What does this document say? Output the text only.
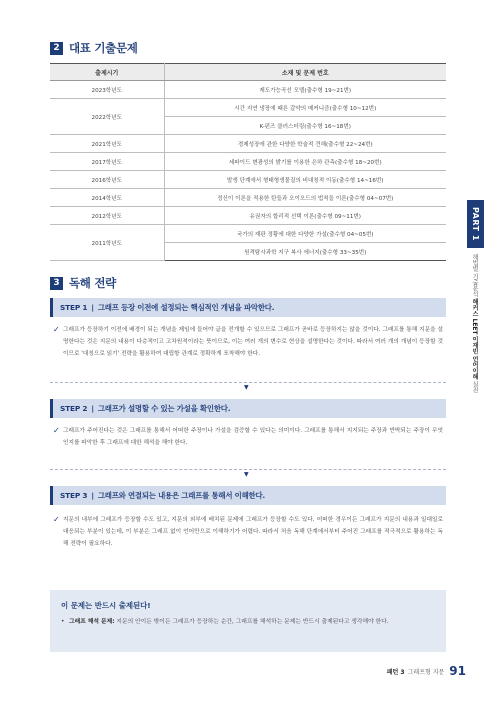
2 대표 기출문제
출제시기	소재 및 문제 번호
2023학년도	제도가능곡선 모델(출수형 19~21번)
2022학년도	시간 지연 냉장에 때른 갈약의 메커니즘(출수형 10~12번)
	K-펀즈 클러스터링(출수형 16~18번)
2021학년도	경제성장에 관한 다양한 학술적 견해(출수형 22~24번)
2017학년도	세파이드 변광성의 밝기를 이용한 은하 관측(출수형 18~20번)
2016학년도	발생 단계에서 형태형생물질의 비대칭적 이동(출수형 14~16번)
2014학년도	정신이 이론을 적용한 탄들과 오이오드의 법칙들 이론(출수형 04~07번)
2012학년도	유권자의 합리적 선택 이론(출수형 09~11번)
2011학년도	국가의 재판 정황에 대한 다양한 가설(출수형 04~05번)
	원격탐사과학 지구 복사 에너지(출수형 33~35번)
3 독해 전략
STEP 1 | 그래프 등장 이전에 설정되는 핵심적인 개념을 파악한다.
✓ 그래프가 등장하기 이전에 배경이 되는 개념을 제임에 들어야 글을 전개할 수 있으므로 그래프가 곧바로 등장하지는 않을 것이다. 그래프를 통해 지문을 설명한다는 것은 지문의 내용이 다층적이고 고차원적이라는 뜻이므로, 이는 여러 개의 변수로 현상을 설명한다는 것이다. 따라서 여러 개의 개념이 등장할 것이므로 '대칭으로 읽기' 전략을 활용하여 대립항 관계로 정확하게 포착해야 한다.
▼
STEP 2 | 그래프가 설명할 수 있는 가설을 확인한다.
✓ 그래프가 주어진다는 것은 그래프를 통해서 어떠한 주장이나 가설을 검증할 수 있다는 의미이다. 그래프를 통해서 지지되는 주장과 반박되는 주장이 무엇인지를 파악한 후 그래프에 대한 해석을 해야 한다.
▼
STEP 3 | 그래프와 연결되는 내용은 그래프를 통해서 이해한다.
✓ 지문의 내부에 그래프가 등장할 수도 있고, 지문의 외부에 배치된 문제에 그래프가 등장할 수도 있다. 어떠한 경우이든 그래프가 지문의 내용과 일대일로 대응되는 부분이 있는데, 이 부분은 그래프 없이 언어만으로 이해하기가 어렵다. 따라서 처음 독해 단계에서부터 주어진 그래프를 적극적으로 활용하는 독해 전략이 필요하다.
이 문제는 반드시 출제된다!
• 그래프 해석 문제: 지문의 안이든 밖이든 그래프가 등장하는 순간, 그래프를 해석하는 문제는 반드시 출제된다고 생각해야 한다.
PART 1
해법별 기출분석 해커스 LEET 이재빈 언어이해 실전
패턴 3 그래프형 지문 91
